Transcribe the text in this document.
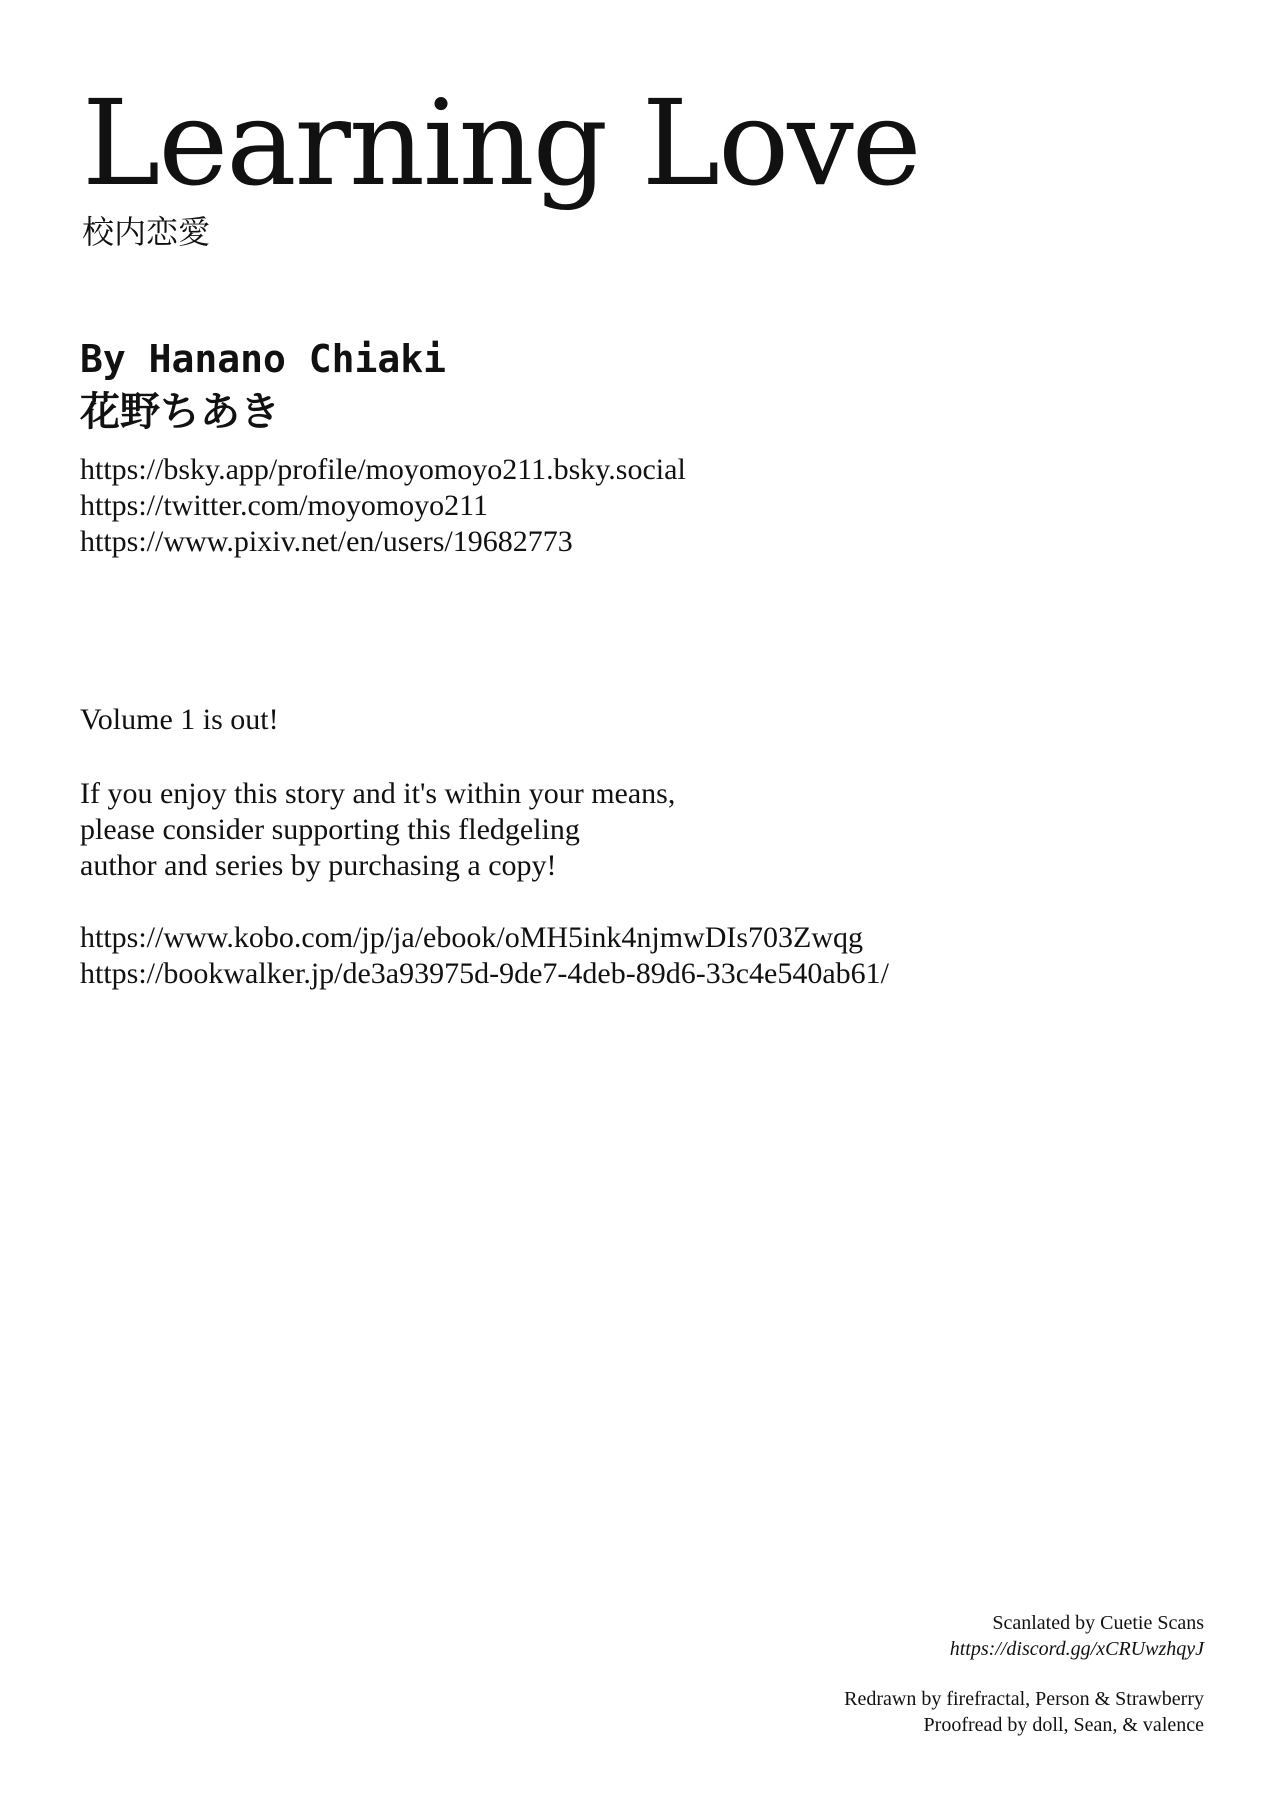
Learning Love
校内恋愛
By Hanano Chiaki
花野ちあき
https://bsky.app/profile/moyomoyo211.bsky.social
https://twitter.com/moyomoyo211
https://www.pixiv.net/en/users/19682773
Volume 1 is out!
If you enjoy this story and it's within your means,
please consider supporting this fledgeling
author and series by purchasing a copy!
https://www.kobo.com/jp/ja/ebook/oMH5ink4njmwDIs703Zwqg
https://bookwalker.jp/de3a93975d-9de7-4deb-89d6-33c4e540ab61/
Scanlated by Cuetie Scans
https://discord.gg/xCRUwzhqyJ
Redrawn by firefractal, Person & Strawberry
Proofread by doll, Sean, & valence
